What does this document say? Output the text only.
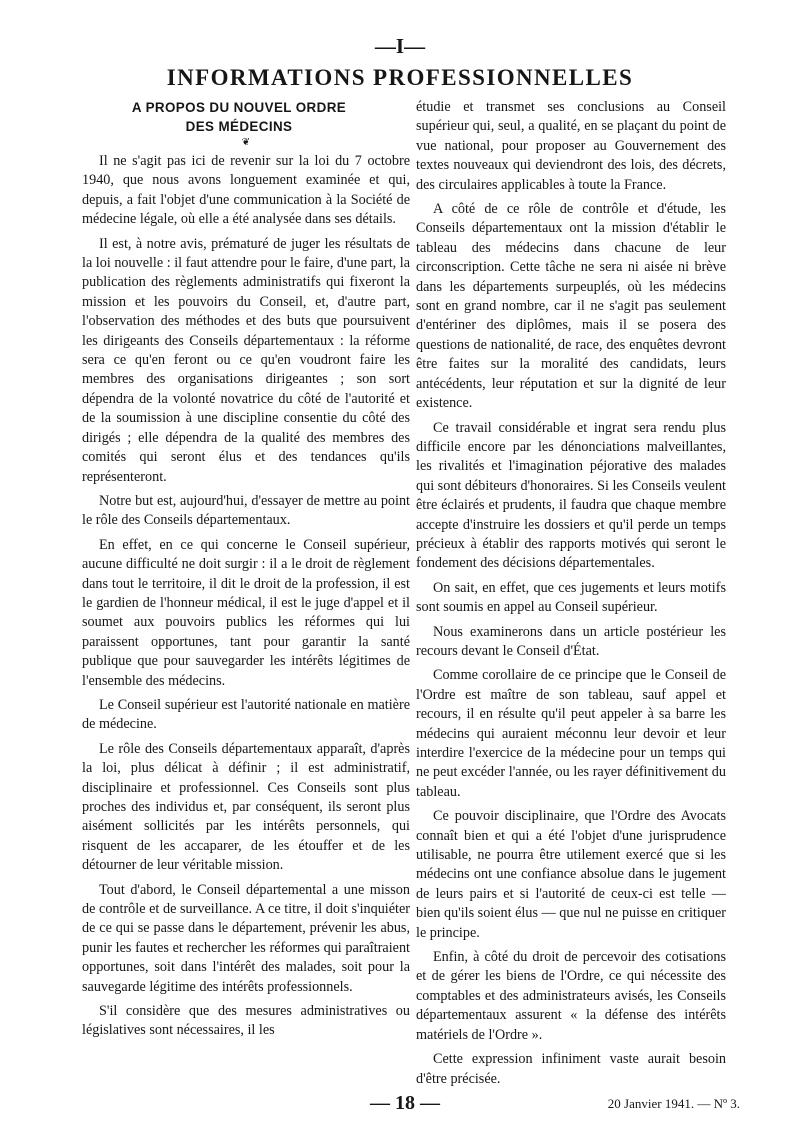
—Ι—
INFORMATIONS PROFESSIONNELLES
A PROPOS DU NOUVEL ORDRE
DES MÉDECINS
❦

Il ne s'agit pas ici de revenir sur la loi du 7 octobre 1940, que nous avons longuement examinée et qui, depuis, a fait l'objet d'une communication à la Société de médecine légale, où elle a été analysée dans ses détails.

Il est, à notre avis, prématuré de juger les résultats de la loi nouvelle : il faut attendre pour le faire, d'une part, la publication des règlements administratifs qui fixeront la mission et les pouvoirs du Conseil, et, d'autre part, l'observation des méthodes et des buts que poursuivent les dirigeants des Conseils départementaux : la réforme sera ce qu'en feront ou ce qu'en voudront faire les membres des organisations dirigeantes ; son sort dépendra de la volonté novatrice du côté de l'autorité et de la soumission à une discipline consentie du côté des dirigés ; elle dépendra de la qualité des membres des comités qui seront élus et des tendances qu'ils représenteront.

Notre but est, aujourd'hui, d'essayer de mettre au point le rôle des Conseils départementaux.

En effet, en ce qui concerne le Conseil supérieur, aucune difficulté ne doit surgir : il a le droit de règlement dans tout le territoire, il dit le droit de la profession, il est le gardien de l'honneur médical, il est le juge d'appel et il soumet aux pouvoirs publics les réformes qui lui paraissent opportunes, tant pour garantir la santé publique que pour sauvegarder les intérêts légitimes de l'ensemble des médecins.

Le Conseil supérieur est l'autorité nationale en matière de médecine.

Le rôle des Conseils départementaux apparaît, d'après la loi, plus délicat à définir ; il est administratif, disciplinaire et professionnel. Ces Conseils sont plus proches des individus et, par conséquent, ils seront plus aisément sollicités par les intérêts personnels, qui risquent de les accaparer, de les étouffer et de les détourner de leur véritable mission.

Tout d'abord, le Conseil départemental a une misson de contrôle et de surveillance. A ce titre, il doit s'inquiéter de ce qui se passe dans le département, prévenir les abus, punir les fautes et rechercher les réformes qui paraîtraient opportunes, soit dans l'intérêt des malades, soit pour la sauvegarde légitime des intérêts professionnels.

S'il considère que des mesures administratives ou législatives sont nécessaires, il les

étudie et transmet ses conclusions au Conseil supérieur qui, seul, a qualité, en se plaçant du point de vue national, pour proposer au Gouvernement des textes nouveaux qui deviendront des lois, des décrets, des circulaires applicables à toute la France.

A côté de ce rôle de contrôle et d'étude, les Conseils départementaux ont la mission d'établir le tableau des médecins dans chacune de leur circonscription. Cette tâche ne sera ni aisée ni brève dans les départements surpeuplés, où les médecins sont en grand nombre, car il ne s'agit pas seulement d'entériner des diplômes, mais il se posera des questions de nationalité, de race, des enquêtes devront être faites sur la moralité des candidats, leurs antécédents, leur réputation et sur la dignité de leur existence.

Ce travail considérable et ingrat sera rendu plus difficile encore par les dénonciations malveillantes, les rivalités et l'imagination péjorative des malades qui sont débiteurs d'honoraires. Si les Conseils veulent être éclairés et prudents, il faudra que chaque membre accepte d'instruire les dossiers et qu'il perde un temps précieux à établir des rapports motivés qui seront le fondement des décisions départementales.

On sait, en effet, que ces jugements et leurs motifs sont soumis en appel au Conseil supérieur.

Nous examinerons dans un article postérieur les recours devant le Conseil d'État.

Comme corollaire de ce principe que le Conseil de l'Ordre est maître de son tableau, sauf appel et recours, il en résulte qu'il peut appeler à sa barre les médecins qui auraient méconnu leur devoir et leur interdire l'exercice de la médecine pour un temps qui ne peut excéder l'année, ou les rayer définitivement du tableau.

Ce pouvoir disciplinaire, que l'Ordre des Avocats connaît bien et qui a été l'objet d'une jurisprudence utilisable, ne pourra être utilement exercé que si les médecins ont une confiance absolue dans le jugement de leurs pairs et si l'autorité de ceux-ci est telle — bien qu'ils soient élus — que nul ne puisse en critiquer le principe.

Enfin, à côté du droit de percevoir des cotisations et de gérer les biens de l'Ordre, ce qui nécessite des comptables et des administrateurs avisés, les Conseils départementaux assurent « la défense des intérêts matériels de l'Ordre ».

Cette expression infiniment vaste aurait besoin d'être précisée.

— 18 —	20 Janvier 1941. — Nº 3.
